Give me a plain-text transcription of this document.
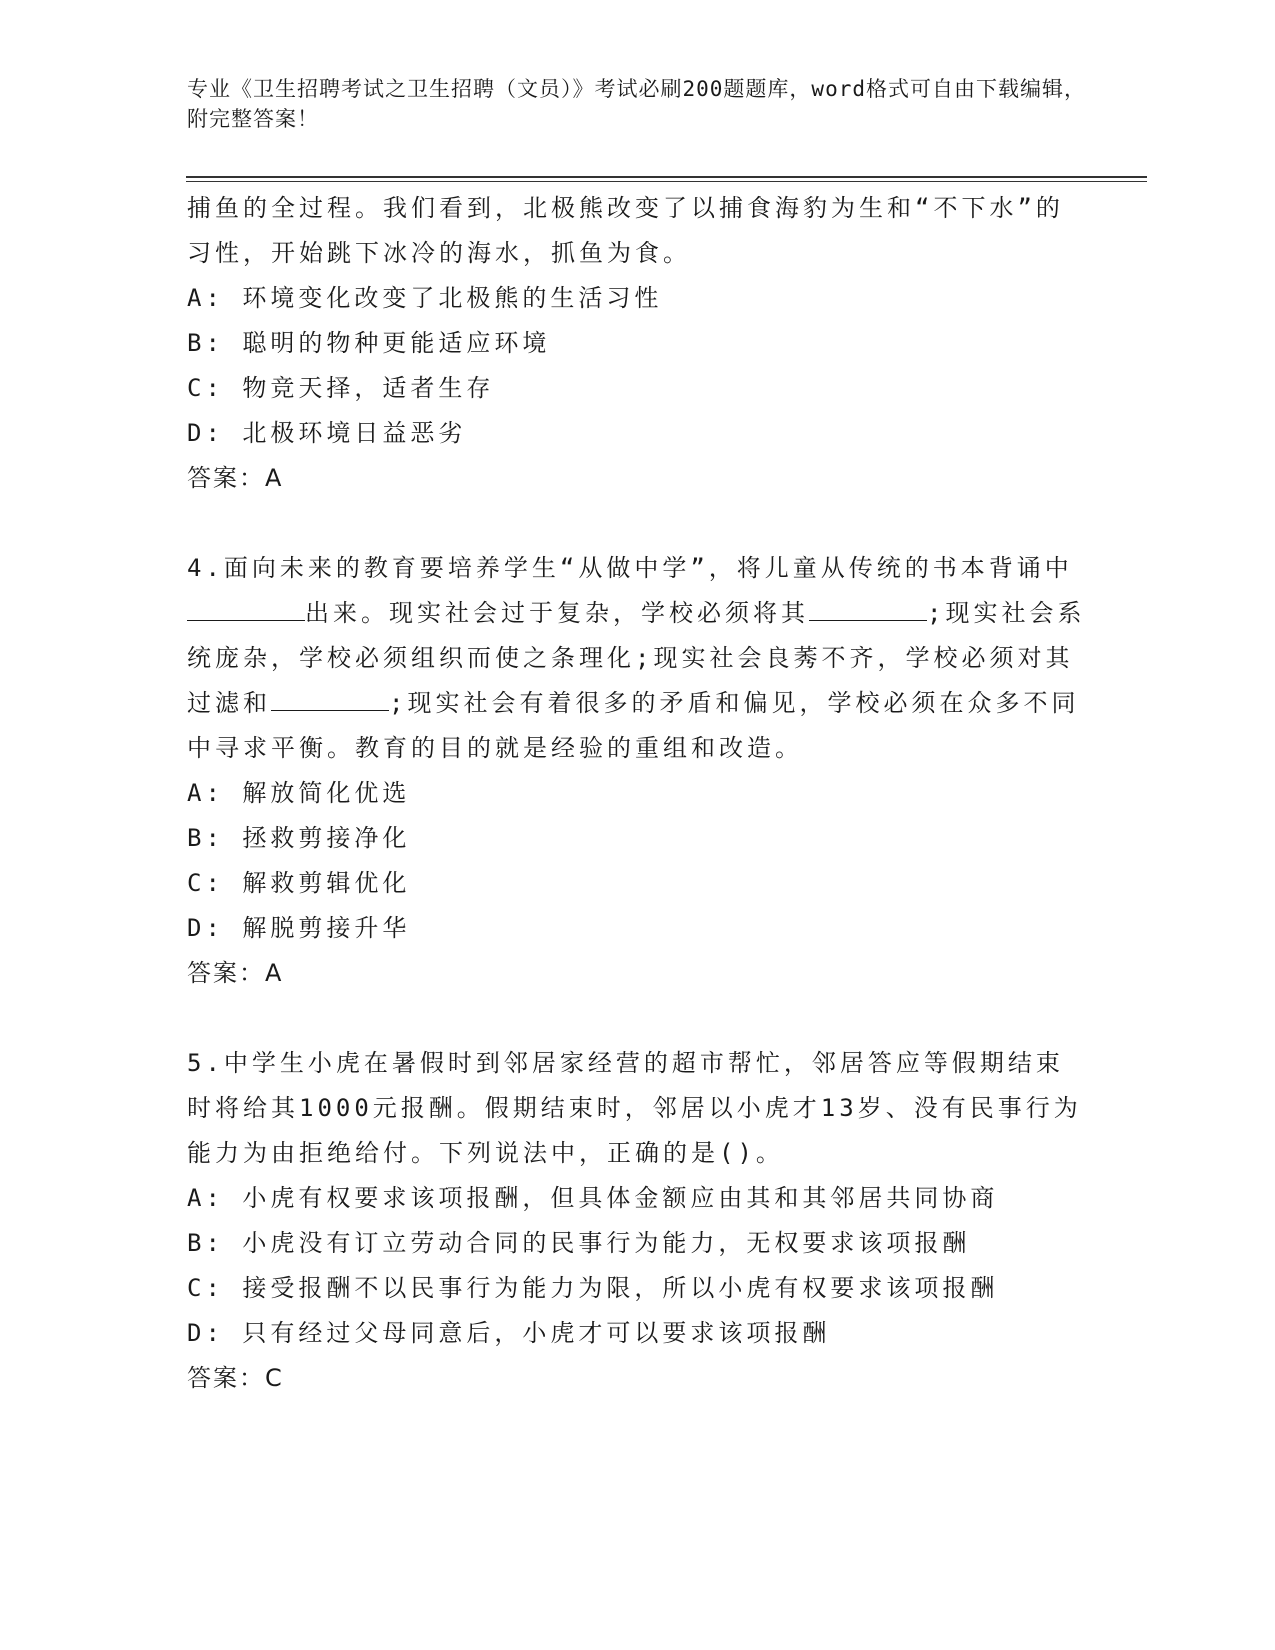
专业《卫生招聘考试之卫生招聘（文员）》考试必刷200题题库，word格式可自由下载编辑，附完整答案！

捕鱼的全过程。我们看到，北极熊改变了以捕食海豹为生和“不下水”的习性，开始跳下冰冷的海水，抓鱼为食。

A: 环境变化改变了北极熊的生活习性

B: 聪明的物种更能适应环境

C: 物竞天择，适者生存

D: 北极环境日益恶劣

答案：A

4.面向未来的教育要培养学生“从做中学”，将儿童从传统的书本背诵中出来。现实社会过于复杂，学校必须将其	;现实社会系统庞杂，学校必须组织而使之条理化;现实社会良莠不齐，学校必须对其过滤和	;现实社会有着很多的矛盾和偏见，学校必须在众多不同中寻求平衡。教育的目的就是经验的重组和改造。

A: 解放简化优选

B: 拯救剪接净化

C: 解救剪辑优化

D: 解脱剪接升华

答案：A

5.中学生小虎在暑假时到邻居家经营的超市帮忙，邻居答应等假期结束时将给其1000元报酬。假期结束时，邻居以小虎才13岁、没有民事行为能力为由拒绝给付。下列说法中，正确的是()。

A: 小虎有权要求该项报酬，但具体金额应由其和其邻居共同协商

B: 小虎没有订立劳动合同的民事行为能力，无权要求该项报酬

C: 接受报酬不以民事行为能力为限，所以小虎有权要求该项报酬

D: 只有经过父母同意后，小虎才可以要求该项报酬

答案：C
